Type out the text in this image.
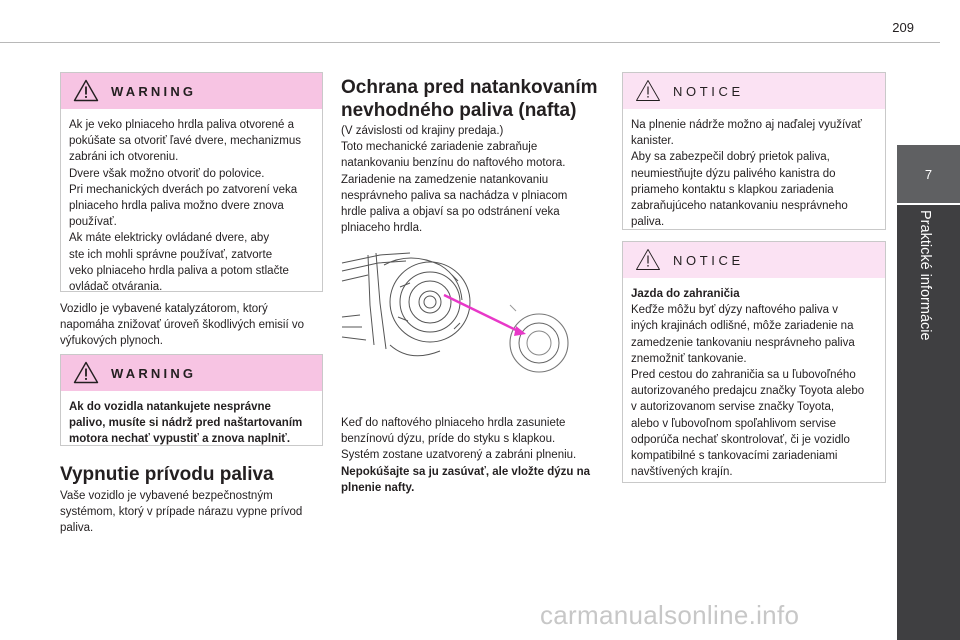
209
7
Praktické informácie
WARNING

Ak je veko plniaceho hrdla paliva otvorené a

pokúšate sa otvoriť ľavé dvere, mechanizmus

zabráni ich otvoreniu.

Dvere však možno otvoriť do polovice.

Pri mechanických dverách po zatvorení veka

plniaceho hrdla paliva možno dvere znova

používať.

Ak máte elektricky ovládané dvere, aby

ste ich mohli správne používať, zatvorte

veko plniaceho hrdla paliva a potom stlačte

ovládač otvárania.

Vozidlo je vybavené katalyzátorom, ktorý

napomáha znižovať úroveň škodlivých emisií vo

výfukových plynoch.

WARNING

Ak do vozidla natankujete nesprávne

palivo, musíte si nádrž pred naštartovaním

motora nechať vypustiť a znova naplniť.

Vypnutie prívodu paliva

Vaše vozidlo je vybavené bezpečnostným

systémom, ktorý v prípade nárazu vypne prívod

paliva.

Ochrana pred natankovaním
nevhodného paliva (nafta)

(V závislosti od krajiny predaja.)

Toto mechanické zariadenie zabraňuje

natankovaniu benzínu do naftového motora.

Zariadenie na zamedzenie natankovaniu

nesprávneho paliva sa nachádza v plniacom

hrdle paliva a objaví sa po odstránení veka

plniaceho hrdla.

Keď do naftového plniaceho hrdla zasuniete

benzínovú dýzu, príde do styku s klapkou.

Systém zostane uzatvorený a zabráni plneniu.

Nepokúšajte sa ju zasúvať, ale vložte dýzu na

plnenie nafty.

NOTICE

Na plnenie nádrže možno aj naďalej využívať

kanister.

Aby sa zabezpečil dobrý prietok paliva,

neumiestňujte dýzu palivého kanistra do

priameho kontaktu s klapkou zariadenia

zabraňujúceho natankovaniu nesprávneho

paliva.

NOTICE

Jazda do zahraničia

Keďže môžu byť dýzy naftového paliva v

iných krajinách odlišné, môže zariadenie na

zamedzenie tankovaniu nesprávneho paliva

znemožniť tankovanie.

Pred cestou do zahraničia sa u ľubovoľného

autorizovaného predajcu značky Toyota alebo

v autorizovanom servise značky Toyota,

alebo v ľubovoľnom spoľahlivom servise

odporúča nechať skontrolovať, či je vozidlo

kompatibilné s tankovacími zariadeniami

navštívených krajín.

carmanualsonline.info
